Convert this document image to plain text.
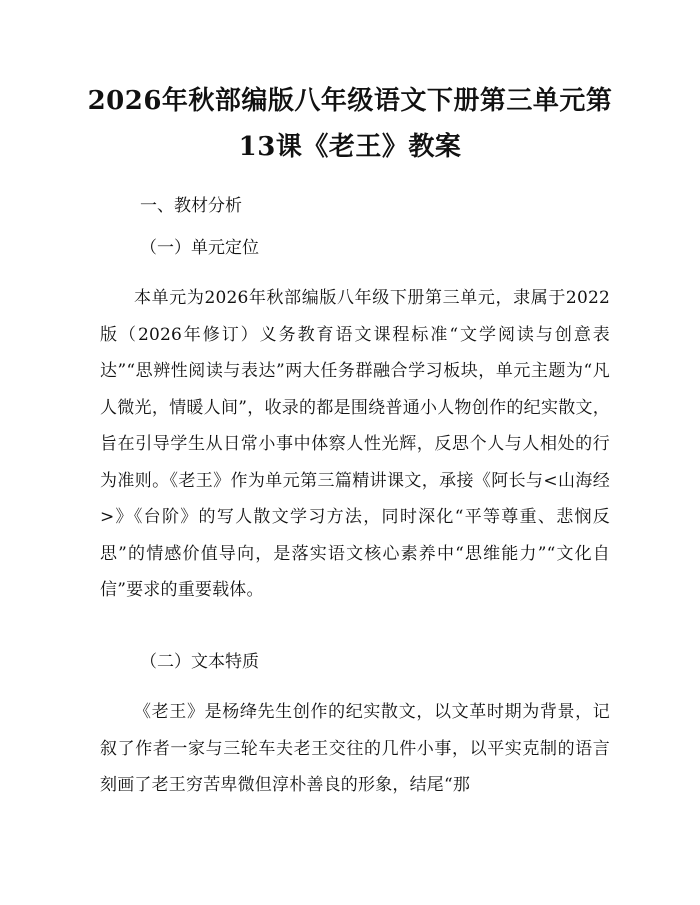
2026年秋部编版八年级语文下册第三单元第
13课《老王》教案
一、教材分析
（一）单元定位

本单元为2026年秋部编版八年级下册第三单元，隶属于2022版（2026年修订）义务教育语文课程标准“文学阅读与创意表达”“思辨性阅读与表达”两大任务群融合学习板块，单元主题为“凡人微光，情暖人间”，收录的都是围绕普通小人物创作的纪实散文，旨在引导学生从日常小事中体察人性光辉，反思个人与人相处的行为准则。《老王》作为单元第三篇精讲课文，承接《阿长与<山海经>》《台阶》的写人散文学习方法，同时深化“平等尊重、悲悯反思”的情感价值导向，是落实语文核心素养中“思维能力”“文化自信”要求的重要载体。

（二）文本特质

《老王》是杨绛先生创作的纪实散文，以文革时期为背景，记叙了作者一家与三轮车夫老王交往的几件小事，以平实克制的语言刻画了老王穷苦卑微但淳朴善良的形象，结尾“那
